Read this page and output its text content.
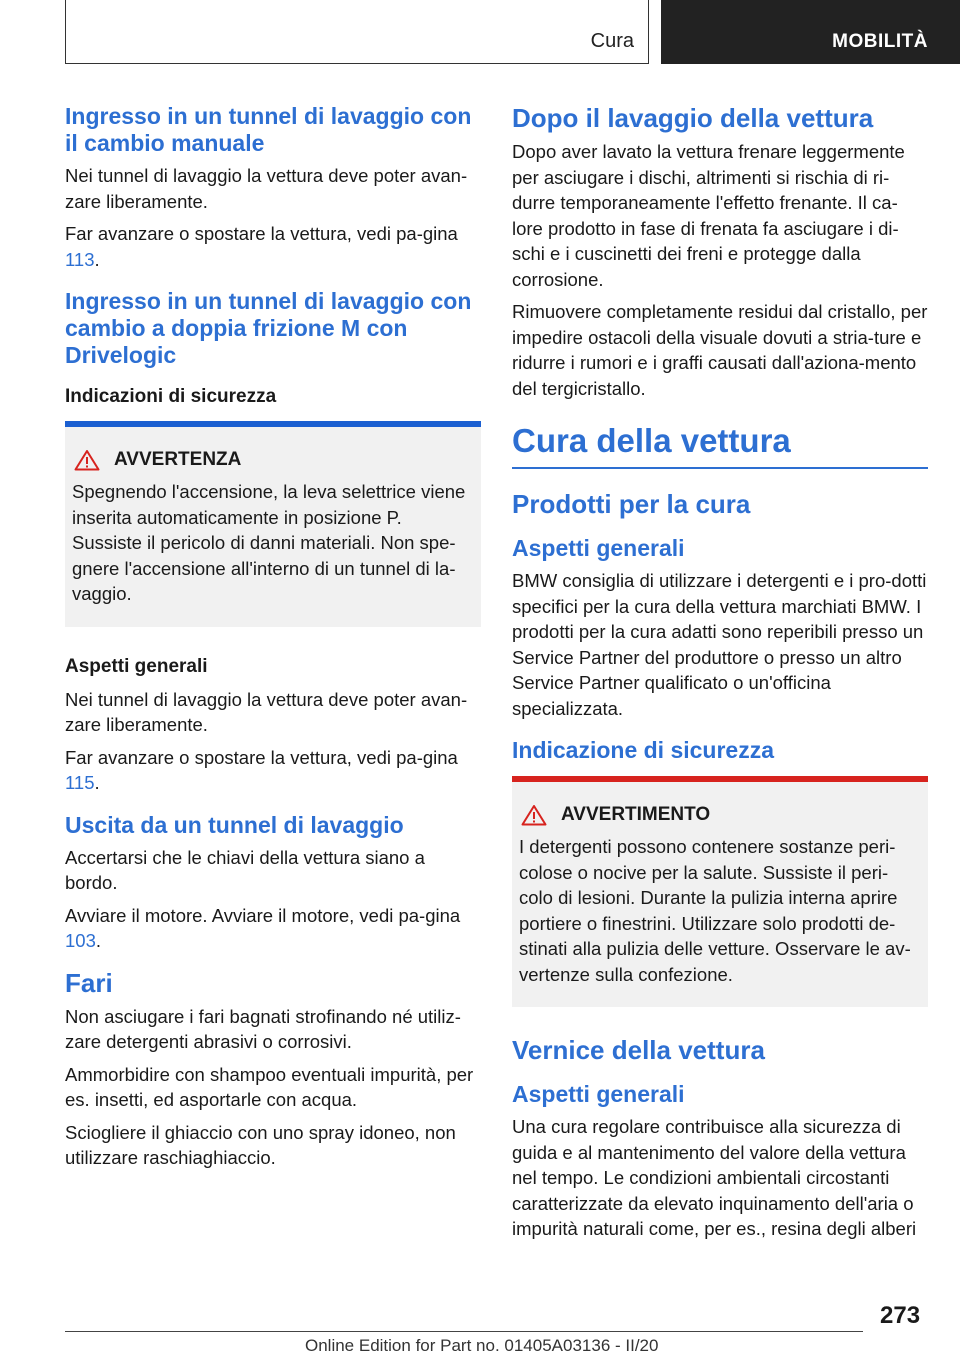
Cura	MOBILITÀ
Ingresso in un tunnel di lavaggio con il cambio manuale

Nei tunnel di lavaggio la vettura deve poter avan-zare liberamente.

Far avanzare o spostare la vettura, vedi pa-gina 113.

Ingresso in un tunnel di lavaggio con cambio a doppia frizione M con Drivelogic
Indicazioni di sicurezza
AVVERTENZA

Spegnendo l'accensione, la leva selettrice viene inserita automaticamente in posizione P. Sussiste il pericolo di danni materiali. Non spe-gnere l'accensione all'interno di un tunnel di la-vaggio.

Aspetti generali

Nei tunnel di lavaggio la vettura deve poter avan-zare liberamente.

Far avanzare o spostare la vettura, vedi pa-gina 115.

Uscita da un tunnel di lavaggio

Accertarsi che le chiavi della vettura siano a bordo.

Avviare il motore. Avviare il motore, vedi pa-gina 103.

Fari

Non asciugare i fari bagnati strofinando né utiliz-zare detergenti abrasivi o corrosivi.

Ammorbidire con shampoo eventuali impurità, per es. insetti, ed asportarle con acqua.

Sciogliere il ghiaccio con uno spray idoneo, non utilizzare raschiaghiaccio.

Dopo il lavaggio della vettura

Dopo aver lavato la vettura frenare leggermente per asciugare i dischi, altrimenti si rischia di ri-durre temporaneamente l'effetto frenante. Il ca-lore prodotto in fase di frenata fa asciugare i di-schi e i cuscinetti dei freni e protegge dalla corrosione.

Rimuovere completamente residui dal cristallo, per impedire ostacoli della visuale dovuti a stria-ture e ridurre i rumori e i graffi causati dall'aziona-mento del tergicristallo.

Cura della vettura
Prodotti per la cura
Aspetti generali

BMW consiglia di utilizzare i detergenti e i pro-dotti specifici per la cura della vettura marchiati BMW. I prodotti per la cura adatti sono reperibili presso un Service Partner del produttore o presso un altro Service Partner qualificato o un'officina specializzata.

Indicazione di sicurezza
AVVERTIMENTO

I detergenti possono contenere sostanze peri-colose o nocive per la salute. Sussiste il peri-colo di lesioni. Durante la pulizia interna aprire portiere o finestrini. Utilizzare solo prodotti de-stinati alla pulizia delle vetture. Osservare le av-vertenze sulla confezione.

Vernice della vettura
Aspetti generali

Una cura regolare contribuisce alla sicurezza di guida e al mantenimento del valore della vettura nel tempo. Le condizioni ambientali circostanti caratterizzate da elevato inquinamento dell'aria o impurità naturali come, per es., resina degli alberi

273
Online Edition for Part no. 01405A03136 - II/20
